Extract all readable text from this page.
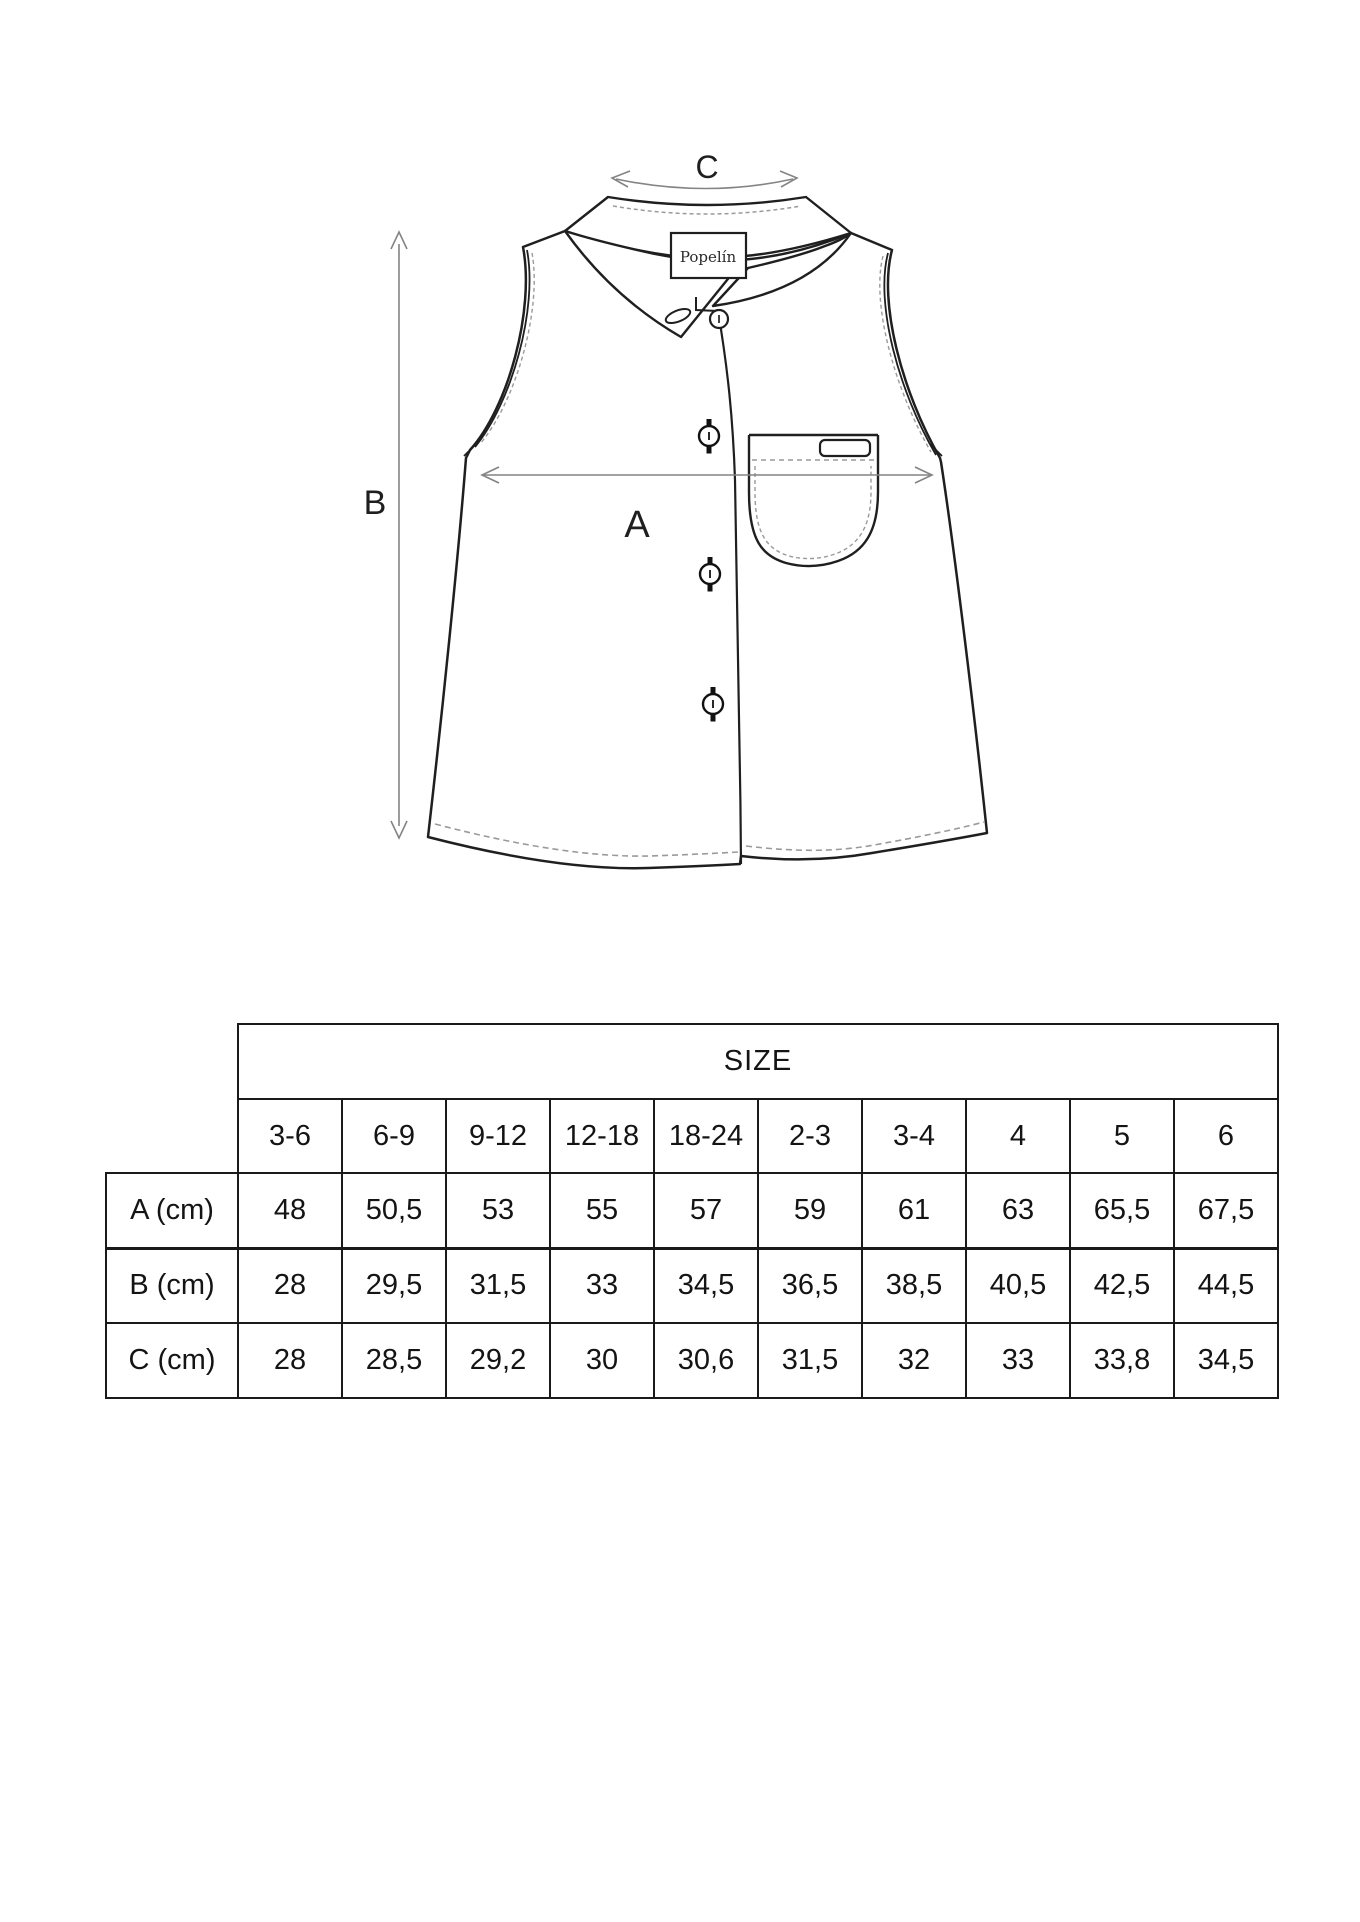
Popelín
A
B
C
	SIZE									
	3-6	6-9	9-12	12-18	18-24	2-3	3-4	4	5	6
A (cm)	48	50,5	53	55	57	59	61	63	65,5	67,5
B (cm)	28	29,5	31,5	33	34,5	36,5	38,5	40,5	42,5	44,5
C (cm)	28	28,5	29,2	30	30,6	31,5	32	33	33,8	34,5
